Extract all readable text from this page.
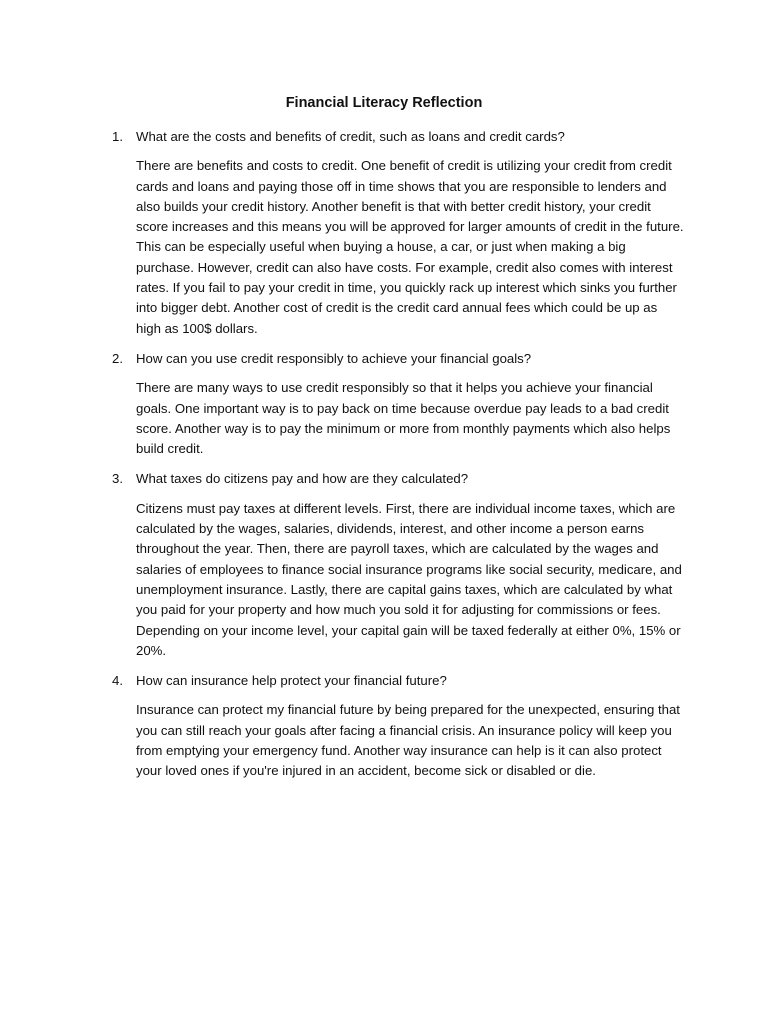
Financial Literacy Reflection
1. What are the costs and benefits of credit, such as loans and credit cards?

There are benefits and costs to credit. One benefit of credit is utilizing your credit from credit cards and loans and paying those off in time shows that you are responsible to lenders and also builds your credit history. Another benefit is that with better credit history, your credit score increases and this means you will be approved for larger amounts of credit in the future. This can be especially useful when buying a house, a car, or just when making a big purchase. However, credit can also have costs. For example, credit also comes with interest rates. If you fail to pay your credit in time, you quickly rack up interest which sinks you further into bigger debt. Another cost of credit is the credit card annual fees which could be up as high as 100$ dollars.

2. How can you use credit responsibly to achieve your financial goals?

There are many ways to use credit responsibly so that it helps you achieve your financial goals. One important way is to pay back on time because overdue pay leads to a bad credit score. Another way is to pay the minimum or more from monthly payments which also helps build credit.

3. What taxes do citizens pay and how are they calculated?

Citizens must pay taxes at different levels. First, there are individual income taxes, which are calculated by the wages, salaries, dividends, interest, and other income a person earns throughout the year. Then, there are payroll taxes, which are calculated by the wages and salaries of employees to finance social insurance programs like social security, medicare, and unemployment insurance. Lastly, there are capital gains taxes, which are calculated by what you paid for your property and how much you sold it for adjusting for commissions or fees. Depending on your income level, your capital gain will be taxed federally at either 0%, 15% or 20%.

4. How can insurance help protect your financial future?

Insurance can protect my financial future by being prepared for the unexpected, ensuring that you can still reach your goals after facing a financial crisis. An insurance policy will keep you from emptying your emergency fund. Another way insurance can help is it can also protect your loved ones if you're injured in an accident, become sick or disabled or die.
